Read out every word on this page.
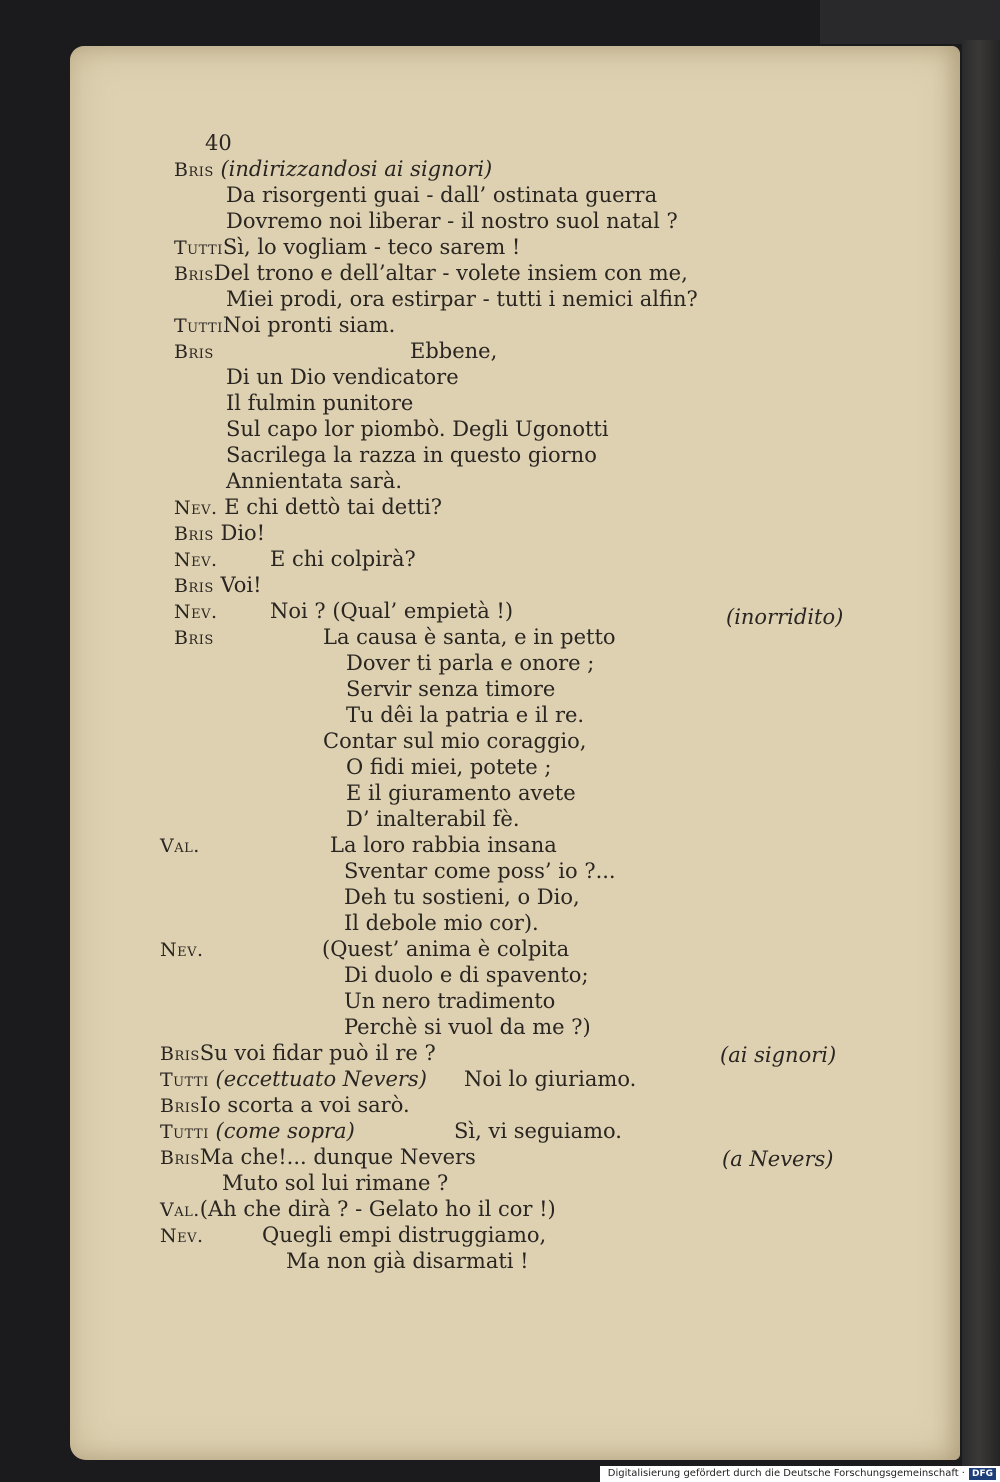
40
Bris (indirizzandosi ai signori)
Da risorgenti guai - dall’ ostinata guerra
Dovremo noi liberar - il nostro suol natal ?
TuttiSì, lo vogliam - teco sarem !
BrisDel trono e dell’altar - volete insiem con me,
Miei prodi, ora estirpar - tutti i nemici alfin?
TuttiNoi pronti siam.
Bris	Ebbene,
Di un Dio vendicatore
Il fulmin punitore
Sul capo lor piombò. Degli Ugonotti
Sacrilega la razza in questo giorno
Annientata sarà.
Nev. E chi dettò tai detti?
Bris Dio!
Nev. E chi colpirà?
Bris Voi!
Nev. Noi ? (Qual’ empietà !)	(inorridito)
Bris	La causa è santa, e in petto
Dover ti parla e onore ;
Servir senza timore
Tu dêi la patria e il re.
Contar sul mio coraggio,
O fidi miei, potete ;
E il giuramento avete
D’ inalterabil fè.
Val.	La loro rabbia insana
Sventar come poss’ io ?...
Deh tu sostieni, o Dio,
Il debole mio cor).
Nev.	(Quest’ anima è colpita
Di duolo e di spavento;
Un nero tradimento
Perchè si vuol da me ?)
BrisSu voi fidar può il re ?	(ai signori)
Tutti (eccettuato Nevers) Noi lo giuriamo.
BrisIo scorta a voi sarò.
Tutti (come sopra)	Sì, vi seguiamo.
BrisMa che!... dunque Nevers	(a Nevers)
Muto sol lui rimane ?
Val.(Ah che dirà ? - Gelato ho il cor !)
Nev.	Quegli empi distruggiamo,
Ma non già disarmati !
Digitalisierung gefördert durch die Deutsche Forschungsgemeinschaft · DFG
